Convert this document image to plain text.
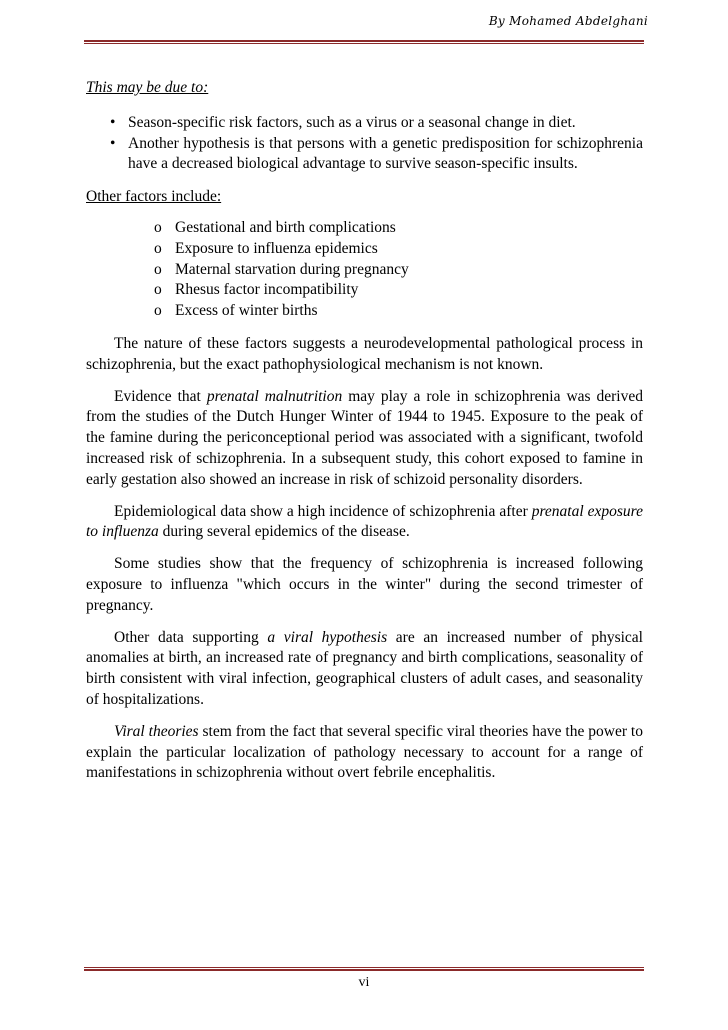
By Mohamed Abdelghani
This may be due to:
• Season-specific risk factors, such as a virus or a seasonal change in diet.
• Another hypothesis is that persons with a genetic predisposition for schizophrenia have a decreased biological advantage to survive season-specific insults.
Other factors include:
o Gestational and birth complications
o Exposure to influenza epidemics
o Maternal starvation during pregnancy
o Rhesus factor incompatibility
o Excess of winter births

The nature of these factors suggests a neurodevelopmental pathological process in schizophrenia, but the exact pathophysiological mechanism is not known.

Evidence that prenatal malnutrition may play a role in schizophrenia was derived from the studies of the Dutch Hunger Winter of 1944 to 1945. Exposure to the peak of the famine during the periconceptional period was associated with a significant, twofold increased risk of schizophrenia. In a subsequent study, this cohort exposed to famine in early gestation also showed an increase in risk of schizoid personality disorders.

Epidemiological data show a high incidence of schizophrenia after prenatal exposure to influenza during several epidemics of the disease.

Some studies show that the frequency of schizophrenia is increased following exposure to influenza "which occurs in the winter" during the second trimester of pregnancy.

Other data supporting a viral hypothesis are an increased number of physical anomalies at birth, an increased rate of pregnancy and birth complications, seasonality of birth consistent with viral infection, geographical clusters of adult cases, and seasonality of hospitalizations.

Viral theories stem from the fact that several specific viral theories have the power to explain the particular localization of pathology necessary to account for a range of manifestations in schizophrenia without overt febrile encephalitis.

vi
